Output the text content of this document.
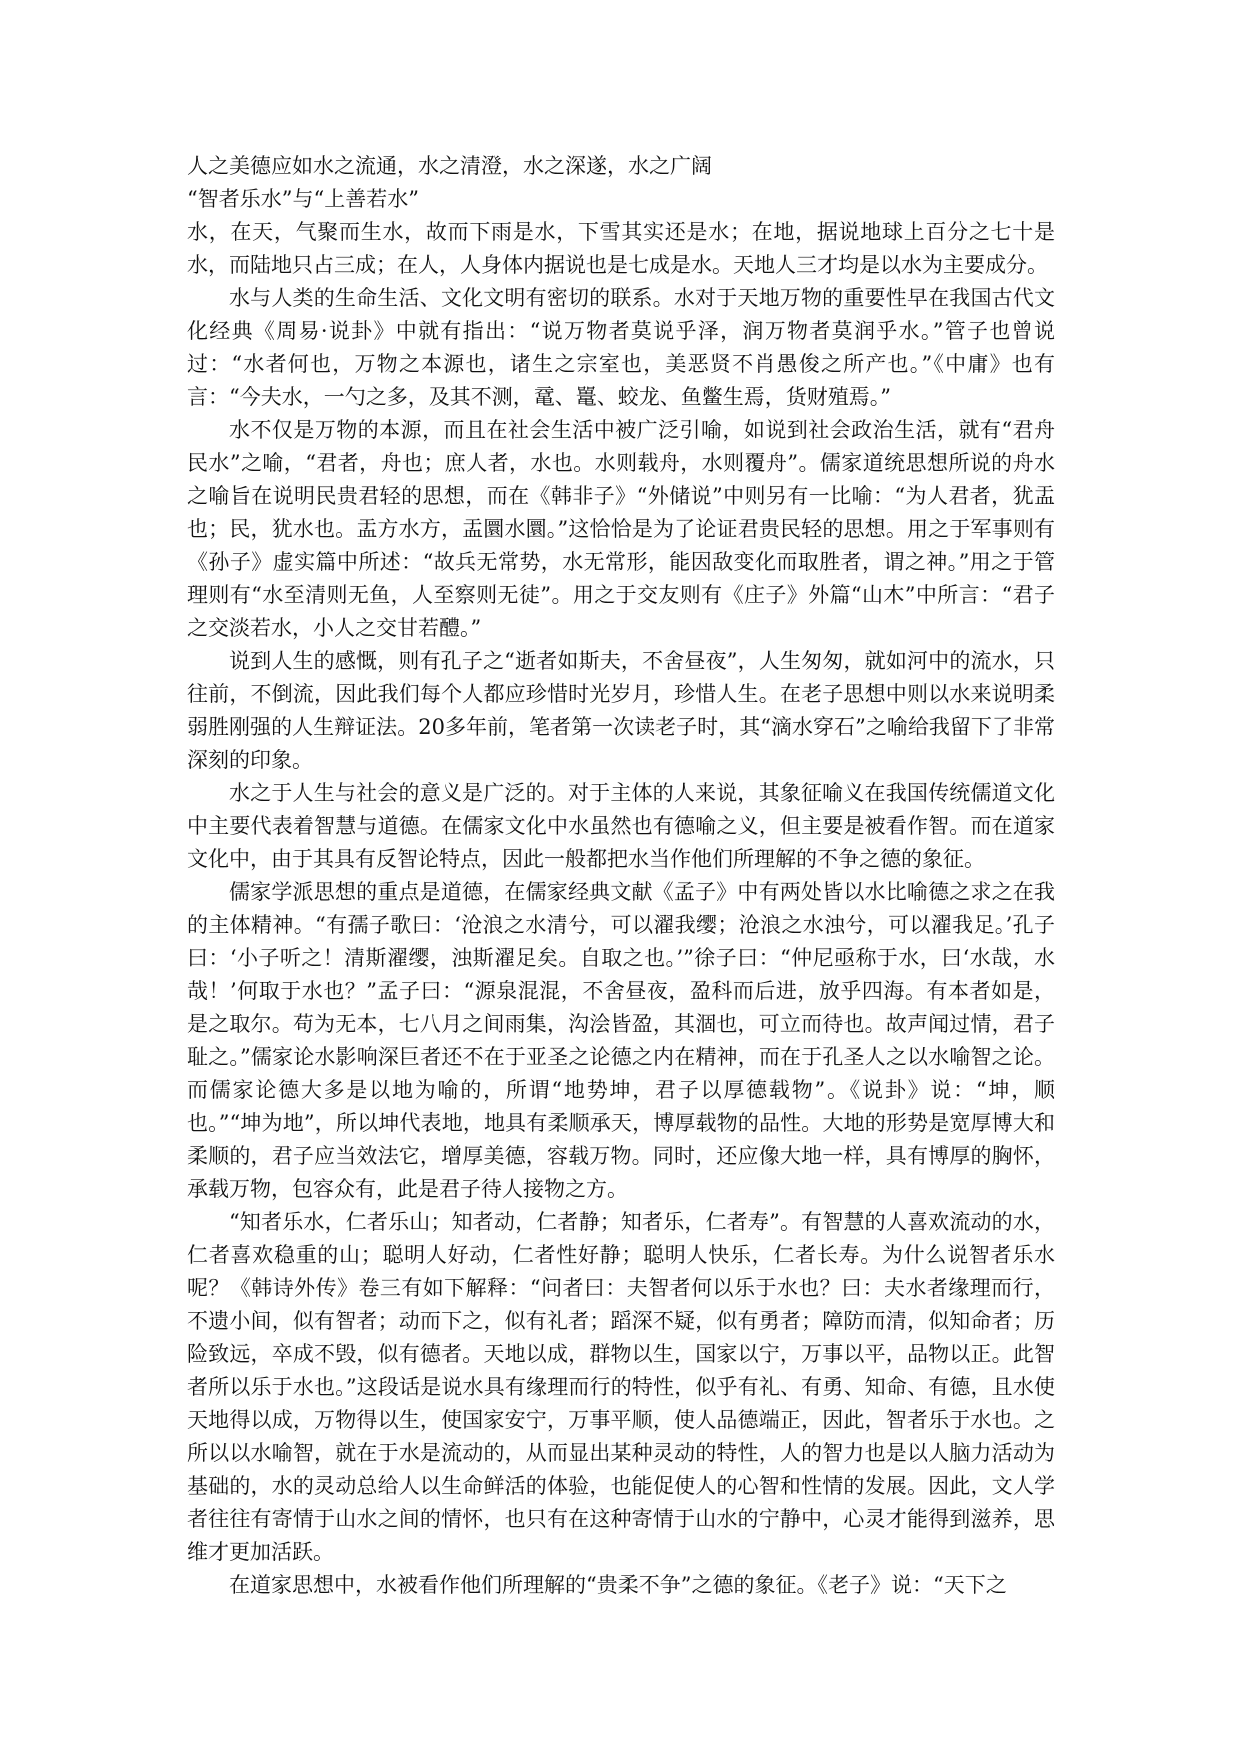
人之美德应如水之流通，水之清澄，水之深遂，水之广阔

“智者乐水”与“上善若水”

水，在天，气聚而生水，故而下雨是水，下雪其实还是水；在地，据说地球上百分之七十是水，而陆地只占三成；在人，人身体内据说也是七成是水。天地人三才均是以水为主要成分。

水与人类的生命生活、文化文明有密切的联系。水对于天地万物的重要性早在我国古代文化经典《周易·说卦》中就有指出：“说万物者莫说乎泽，润万物者莫润乎水。”管子也曾说过：“水者何也，万物之本源也，诸生之宗室也，美恶贤不肖愚俊之所产也。”《中庸》也有言：“今夫水，一勺之多，及其不测，鼋、鼍、蛟龙、鱼鳖生焉，货财殖焉。”

水不仅是万物的本源，而且在社会生活中被广泛引喻，如说到社会政治生活，就有“君舟民水”之喻，“君者，舟也；庶人者，水也。水则载舟，水则覆舟”。儒家道统思想所说的舟水之喻旨在说明民贵君轻的思想，而在《韩非子》“外储说”中则另有一比喻：“为人君者，犹盂也；民，犹水也。盂方水方，盂圜水圜。”这恰恰是为了论证君贵民轻的思想。用之于军事则有《孙子》虚实篇中所述：“故兵无常势，水无常形，能因敌变化而取胜者，谓之神。”用之于管理则有“水至清则无鱼，人至察则无徒”。用之于交友则有《庄子》外篇“山木”中所言：“君子之交淡若水，小人之交甘若醴。”

说到人生的感慨，则有孔子之“逝者如斯夫，不舍昼夜”，人生匆匆，就如河中的流水，只往前，不倒流，因此我们每个人都应珍惜时光岁月，珍惜人生。在老子思想中则以水来说明柔弱胜刚强的人生辩证法。20多年前，笔者第一次读老子时，其“滴水穿石”之喻给我留下了非常深刻的印象。

水之于人生与社会的意义是广泛的。对于主体的人来说，其象征喻义在我国传统儒道文化中主要代表着智慧与道德。在儒家文化中水虽然也有德喻之义，但主要是被看作智。而在道家文化中，由于其具有反智论特点，因此一般都把水当作他们所理解的不争之德的象征。

儒家学派思想的重点是道德，在儒家经典文献《孟子》中有两处皆以水比喻德之求之在我的主体精神。“有孺子歌曰：‘沧浪之水清兮，可以濯我缨；沧浪之水浊兮，可以濯我足。’孔子曰：‘小子听之！清斯濯缨，浊斯濯足矣。自取之也。’”徐子曰：“仲尼亟称于水，曰‘水哉，水哉！’何取于水也？”孟子曰：“源泉混混，不舍昼夜，盈科而后进，放乎四海。有本者如是，是之取尔。苟为无本，七八月之间雨集，沟浍皆盈，其涸也，可立而待也。故声闻过情，君子耻之。”儒家论水影响深巨者还不在于亚圣之论德之内在精神，而在于孔圣人之以水喻智之论。而儒家论德大多是以地为喻的，所谓“地势坤，君子以厚德载物”。《说卦》说：“坤，顺也。”“坤为地”，所以坤代表地，地具有柔顺承天，博厚载物的品性。大地的形势是宽厚博大和柔顺的，君子应当效法它，增厚美德，容载万物。同时，还应像大地一样，具有博厚的胸怀，承载万物，包容众有，此是君子待人接物之方。

“知者乐水，仁者乐山；知者动，仁者静；知者乐，仁者寿”。有智慧的人喜欢流动的水，仁者喜欢稳重的山；聪明人好动，仁者性好静；聪明人快乐，仁者长寿。为什么说智者乐水呢？《韩诗外传》卷三有如下解释：“问者曰：夫智者何以乐于水也？曰：夫水者缘理而行，不遗小间，似有智者；动而下之，似有礼者；蹈深不疑，似有勇者；障防而清，似知命者；历险致远，卒成不毁，似有德者。天地以成，群物以生，国家以宁，万事以平，品物以正。此智者所以乐于水也。”这段话是说水具有缘理而行的特性，似乎有礼、有勇、知命、有德，且水使天地得以成，万物得以生，使国家安宁，万事平顺，使人品德端正，因此，智者乐于水也。之所以以水喻智，就在于水是流动的，从而显出某种灵动的特性，人的智力也是以人脑力活动为基础的，水的灵动总给人以生命鲜活的体验，也能促使人的心智和性情的发展。因此，文人学者往往有寄情于山水之间的情怀，也只有在这种寄情于山水的宁静中，心灵才能得到滋养，思维才更加活跃。

在道家思想中，水被看作他们所理解的“贵柔不争”之德的象征。《老子》说：“天下之
